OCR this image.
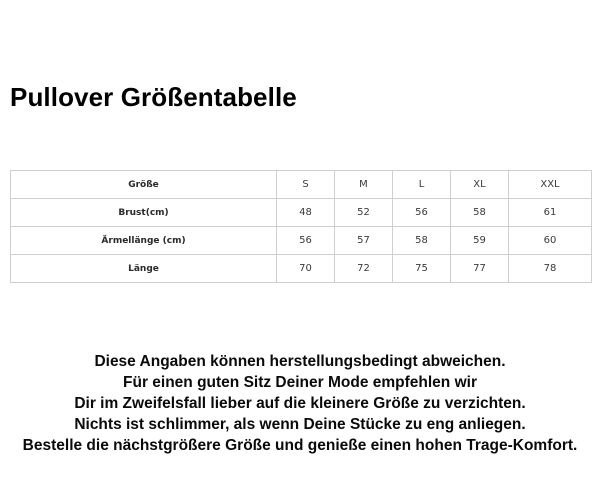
Pullover Größentabelle
Größe	S	M	L	XL	XXL
Brust(cm)	48	52	56	58	61
Ärmellänge (cm)	56	57	58	59	60
Länge	70	72	75	77	78
Diese Angaben können herstellungsbedingt abweichen.
Für einen guten Sitz Deiner Mode empfehlen wir
Dir im Zweifelsfall lieber auf die kleinere Größe zu verzichten.
Nichts ist schlimmer, als wenn Deine Stücke zu eng anliegen.
Bestelle die nächstgrößere Größe und genieße einen hohen Trage-Komfort.
